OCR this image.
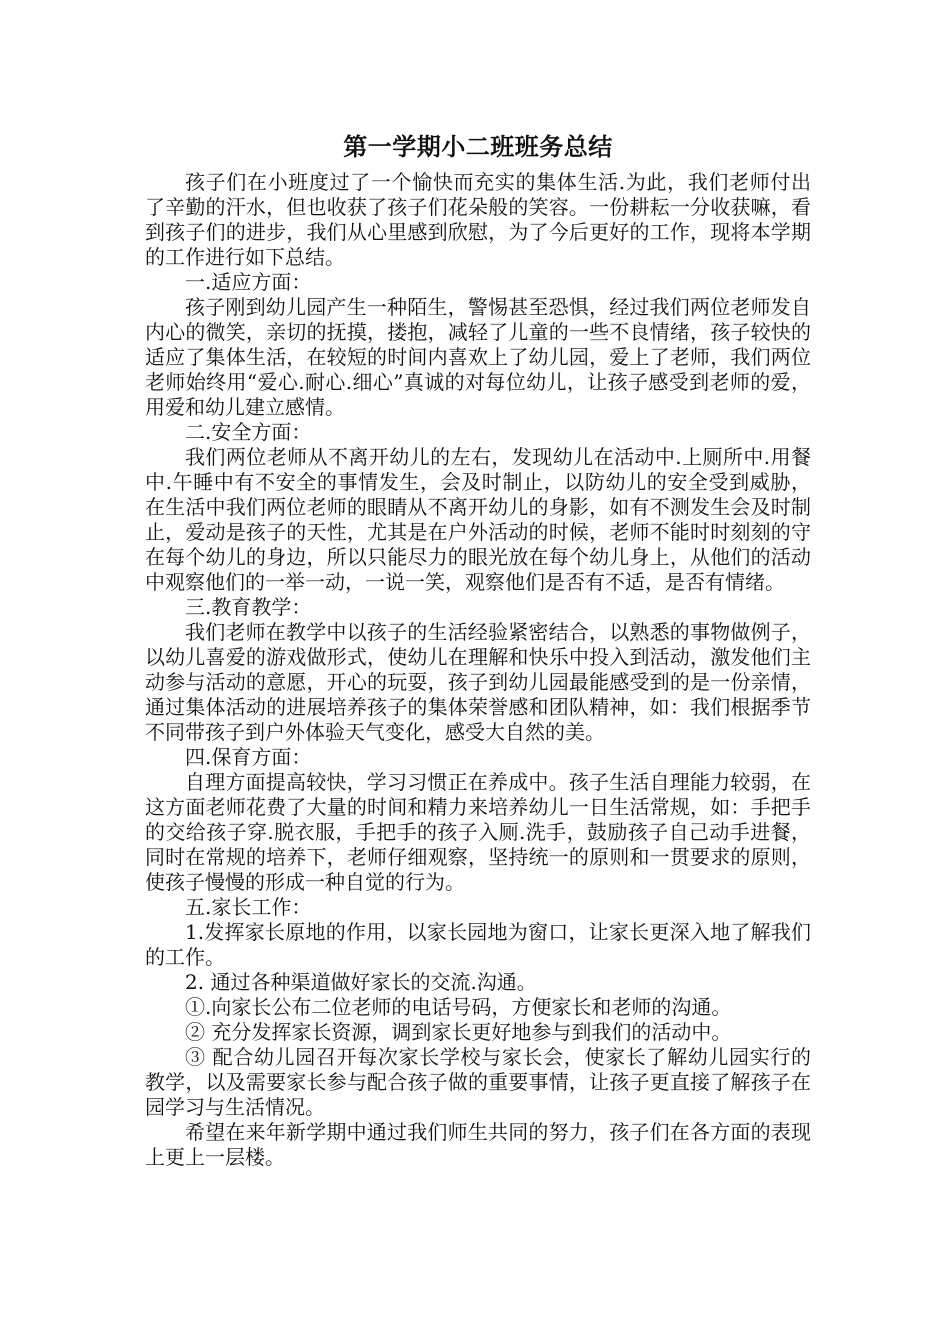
第一学期小二班班务总结

孩子们在小班度过了一个愉快而充实的集体生活.为此，我们老师付出了辛勤的汗水，但也收获了孩子们花朵般的笑容。一份耕耘一分收获嘛，看到孩子们的进步，我们从心里感到欣慰，为了今后更好的工作，现将本学期的工作进行如下总结。

一.适应方面：

孩子刚到幼儿园产生一种陌生，警惕甚至恐惧，经过我们两位老师发自内心的微笑，亲切的抚摸，搂抱，减轻了儿童的一些不良情绪，孩子较快的适应了集体生活，在较短的时间内喜欢上了幼儿园，爱上了老师，我们两位老师始终用“爱心.耐心.细心”真诚的对每位幼儿，让孩子感受到老师的爱，用爱和幼儿建立感情。

二.安全方面：

我们两位老师从不离开幼儿的左右，发现幼儿在活动中.上厕所中.用餐中.午睡中有不安全的事情发生，会及时制止，以防幼儿的安全受到威胁，在生活中我们两位老师的眼睛从不离开幼儿的身影，如有不测发生会及时制止，爱动是孩子的天性，尤其是在户外活动的时候，老师不能时时刻刻的守在每个幼儿的身边，所以只能尽力的眼光放在每个幼儿身上，从他们的活动中观察他们的一举一动，一说一笑，观察他们是否有不适，是否有情绪。

三.教育教学：

我们老师在教学中以孩子的生活经验紧密结合，以熟悉的事物做例子，以幼儿喜爱的游戏做形式，使幼儿在理解和快乐中投入到活动，激发他们主动参与活动的意愿，开心的玩耍，孩子到幼儿园最能感受到的是一份亲情，通过集体活动的进展培养孩子的集体荣誉感和团队精神，如：我们根据季节不同带孩子到户外体验天气变化，感受大自然的美。

四.保育方面：

自理方面提高较快，学习习惯正在养成中。孩子生活自理能力较弱，在这方面老师花费了大量的时间和精力来培养幼儿一日生活常规，如：手把手的交给孩子穿.脱衣服，手把手的孩子入厕.洗手，鼓励孩子自己动手进餐，同时在常规的培养下，老师仔细观察，坚持统一的原则和一贯要求的原则，使孩子慢慢的形成一种自觉的行为。

五.家长工作：

1.发挥家长原地的作用，以家长园地为窗口，让家长更深入地了解我们的工作。

2. 通过各种渠道做好家长的交流.沟通。

①.向家长公布二位老师的电话号码，方便家长和老师的沟通。

② 充分发挥家长资源，调到家长更好地参与到我们的活动中。

③ 配合幼儿园召开每次家长学校与家长会，使家长了解幼儿园实行的教学，以及需要家长参与配合孩子做的重要事情，让孩子更直接了解孩子在园学习与生活情况。

希望在来年新学期中通过我们师生共同的努力，孩子们在各方面的表现上更上一层楼。
